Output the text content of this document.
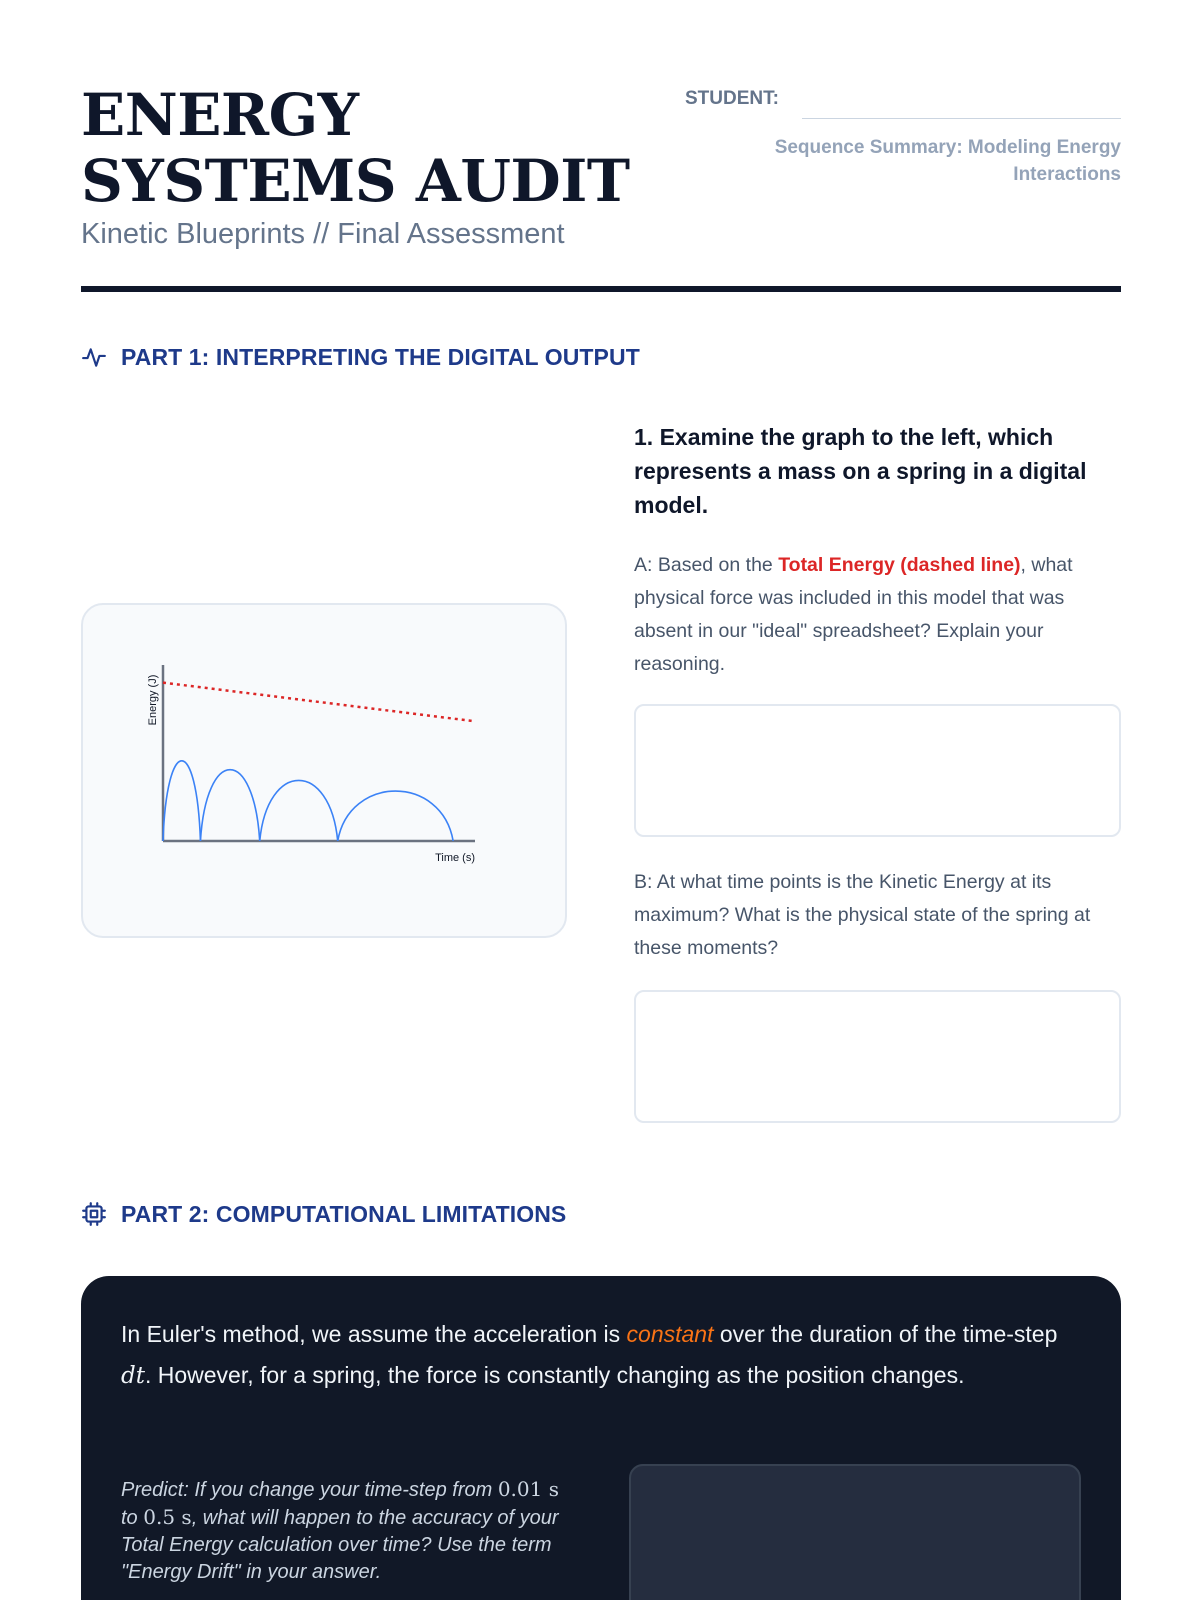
ENERGY SYSTEMS AUDIT
Kinetic Blueprints // Final Assessment
STUDENT:
Sequence Summary: Modeling Energy Interactions
PART 1: INTERPRETING THE DIGITAL OUTPUT
Time (s)
Energy (J)
1. Examine the graph to the left, which represents a mass on a spring in a digital model.
A: Based on the Total Energy (dashed line), what physical force was included in this model that was absent in our "ideal" spreadsheet? Explain your reasoning.
B: At what time points is the Kinetic Energy at its maximum? What is the physical state of the spring at these moments?
PART 2: COMPUTATIONAL LIMITATIONS
In Euler's method, we assume the acceleration is constant over the duration of the time-step dt. However, for a spring, the force is constantly changing as the position changes.
Predict: If you change your time-step from 0.01 s to 0.5 s, what will happen to the accuracy of your Total Energy calculation over time? Use the term "Energy Drift" in your answer.
